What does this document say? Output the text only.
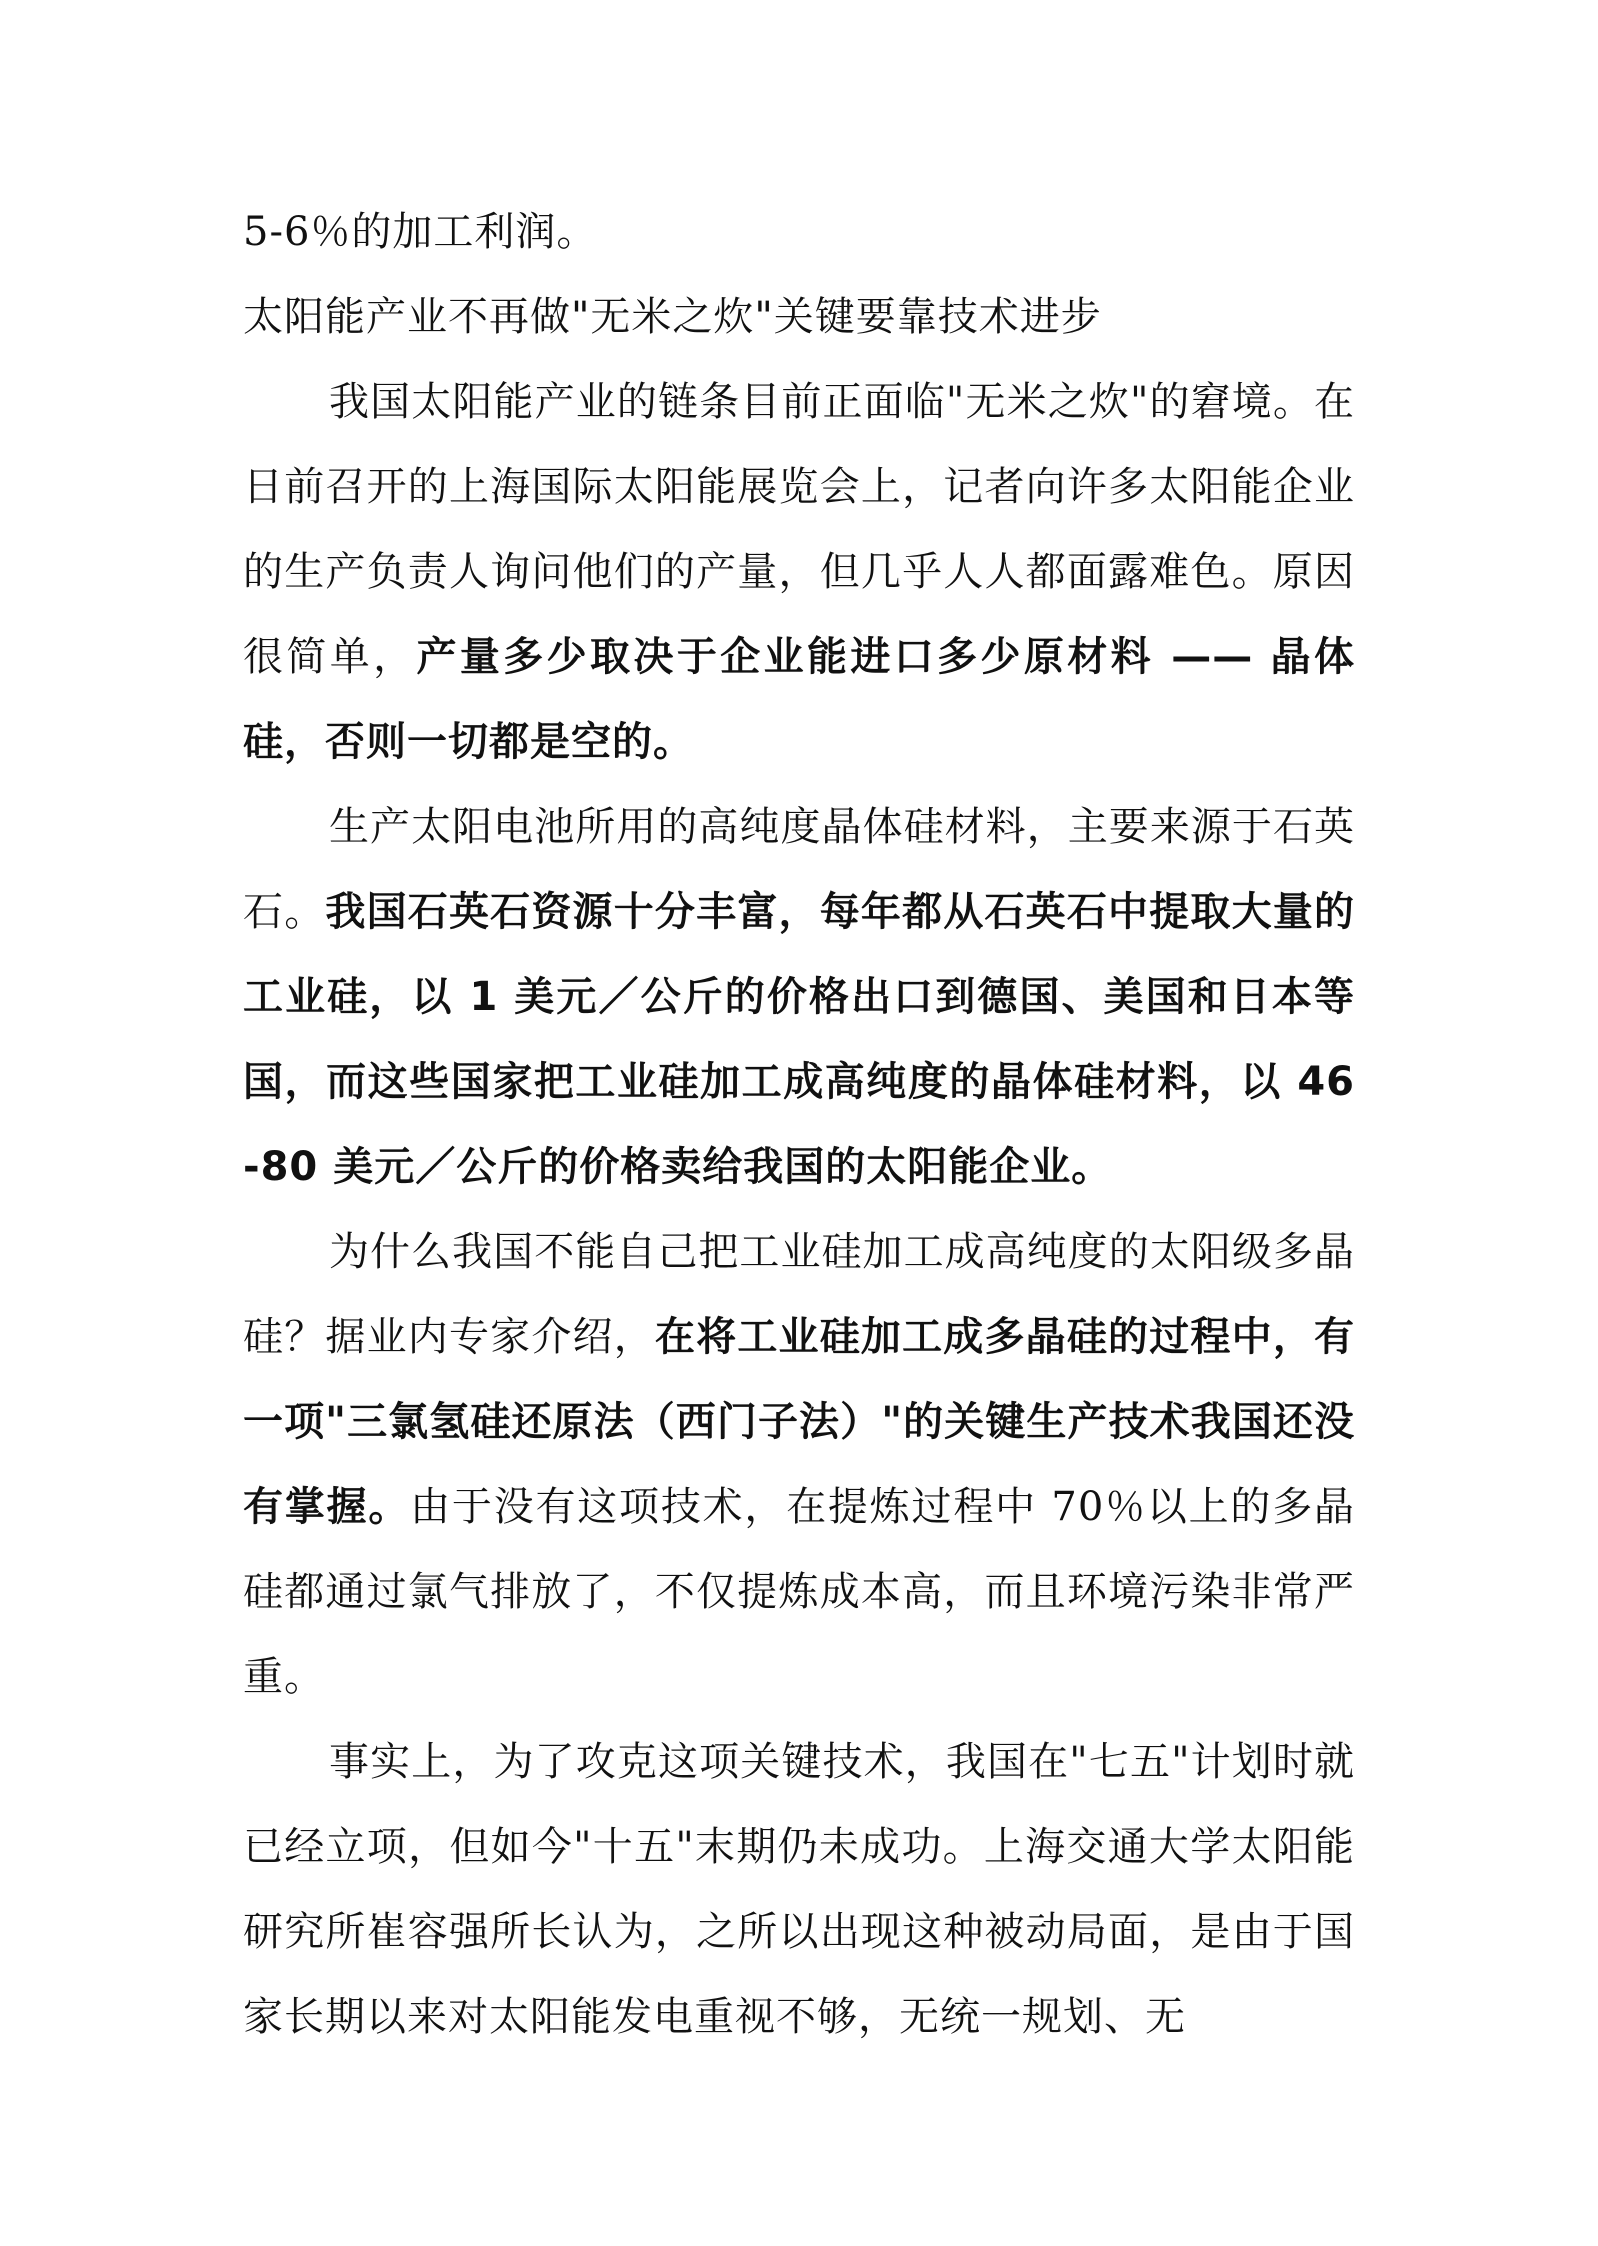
5-6％的加工利润。

太阳能产业不再做"无米之炊"关键要靠技术进步

我国太阳能产业的链条目前正面临"无米之炊"的窘境。在日前召开的上海国际太阳能展览会上，记者向许多太阳能企业的生产负责人询问他们的产量，但几乎人人都面露难色。原因很简单，产量多少取决于企业能进口多少原材料 —— 晶体硅，否则一切都是空的。

生产太阳电池所用的高纯度晶体硅材料，主要来源于石英石。我国石英石资源十分丰富，每年都从石英石中提取大量的工业硅，以 1 美元／公斤的价格出口到德国、美国和日本等国，而这些国家把工业硅加工成高纯度的晶体硅材料，以 46-80 美元／公斤的价格卖给我国的太阳能企业。

为什么我国不能自己把工业硅加工成高纯度的太阳级多晶硅？据业内专家介绍，在将工业硅加工成多晶硅的过程中，有一项"三氯氢硅还原法（西门子法）"的关键生产技术我国还没有掌握。由于没有这项技术，在提炼过程中 70％以上的多晶硅都通过氯气排放了，不仅提炼成本高，而且环境污染非常严重。

事实上，为了攻克这项关键技术，我国在"七五"计划时就已经立项，但如今"十五"末期仍未成功。上海交通大学太阳能研究所崔容强所长认为，之所以出现这种被动局面，是由于国家长期以来对太阳能发电重视不够，无统一规划、无
